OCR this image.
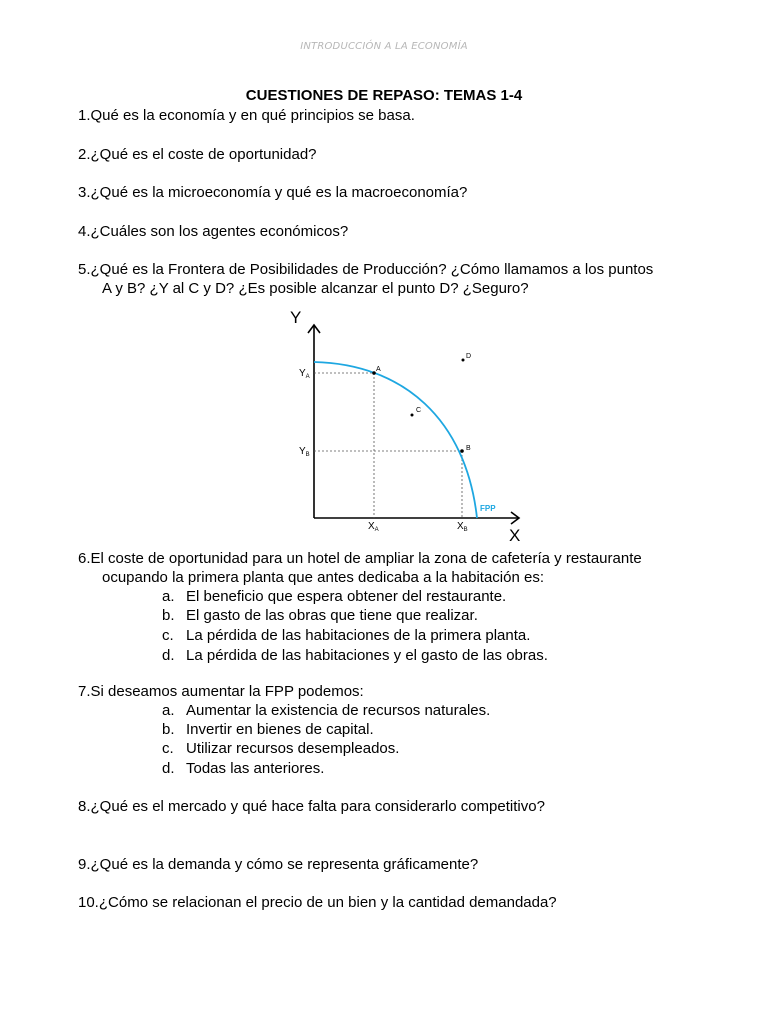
INTRODUCCIÓN A LA ECONOMÍA
CUESTIONES DE REPASO: TEMAS 1-4
1.Qué es la economía y en qué principios se basa.
2.¿Qué es el coste de oportunidad?
3.¿Qué es la microeconomía y qué es la macroeconomía?
4.¿Cuáles son los agentes económicos?
5.¿Qué es la Frontera de Posibilidades de Producción? ¿Cómo llamamos a los puntos
A y B? ¿Y al C y D? ¿Es posible alcanzar el punto D? ¿Seguro?
Y
X
$Y_A$
$Y_B$
$X_A$	$X_B$
A
B
C
D
FPP
6.El coste de oportunidad para un hotel de ampliar la zona de cafetería y restaurante
ocupando la primera planta que antes dedicaba a la habitación es:
a. El beneficio que espera obtener del restaurante.
b. El gasto de las obras que tiene que realizar.
c. La pérdida de las habitaciones de la primera planta.
d. La pérdida de las habitaciones y el gasto de las obras.
7.Si deseamos aumentar la FPP podemos:
a. Aumentar la existencia de recursos naturales.
b. Invertir en bienes de capital.
c. Utilizar recursos desempleados.
d. Todas las anteriores.
8.¿Qué es el mercado y qué hace falta para considerarlo competitivo?
9.¿Qué es la demanda y cómo se representa gráficamente?
10.¿Cómo se relacionan el precio de un bien y la cantidad demandada?
